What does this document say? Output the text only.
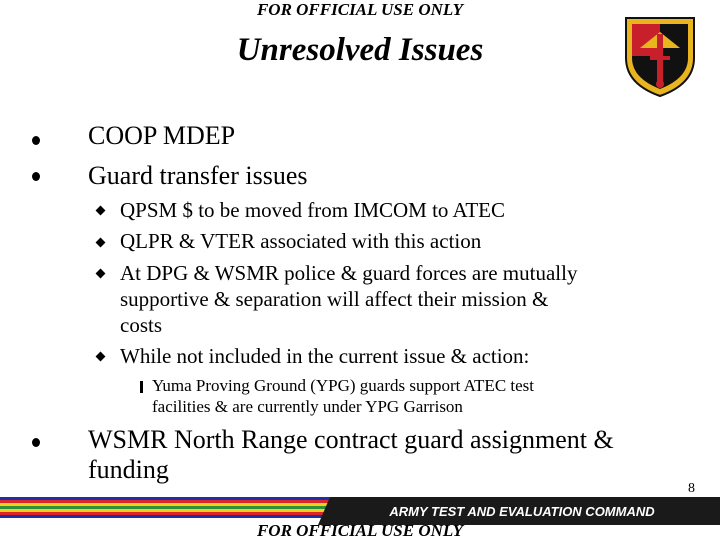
FOR OFFICIAL USE ONLY
Unresolved Issues
COOP MDEP
Guard transfer issues
QPSM $ to be moved from IMCOM to ATEC
QLPR & VTER associated with this action
At DPG & WSMR police & guard forces are mutually
supportive & separation will affect their mission &
costs
While not included in the current issue & action:
Yuma Proving Ground (YPG) guards support ATEC test
facilities & are currently under YPG Garrison
WSMR North Range contract guard assignment &
funding
8
ARMY TEST AND EVALUATION COMMAND
FOR OFFICIAL USE ONLY
